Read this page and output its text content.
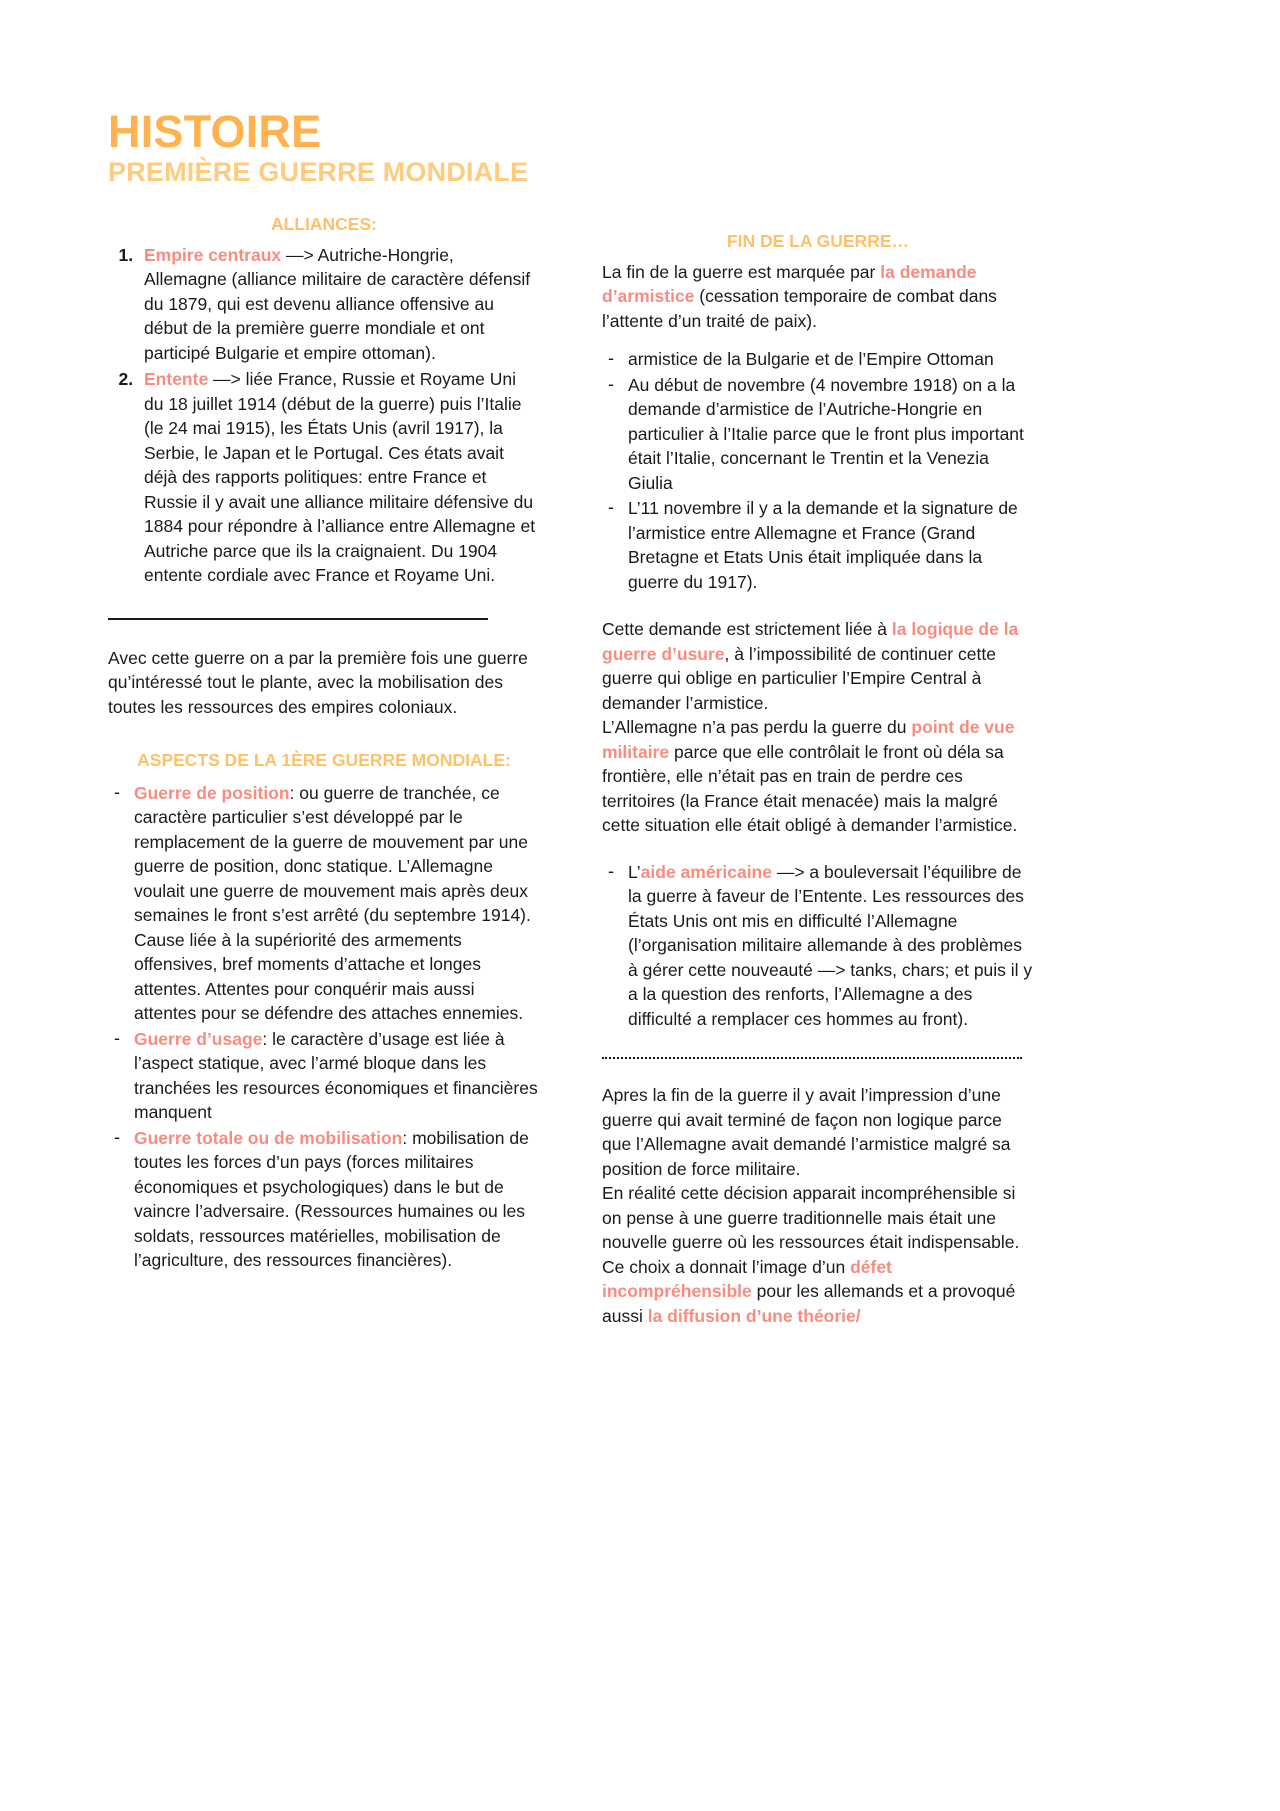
HISTOIRE
PREMIÈRE GUERRE MONDIALE
ALLIANCES:
1. Empire centraux —> Autriche-Hongrie, Allemagne (alliance militaire de caractère défensif du 1879, qui est devenu alliance offensive au début de la première guerre mondiale et ont participé Bulgarie et empire ottoman).
2. Entente —> liée France, Russie et Royame Uni du 18 juillet 1914 (début de la guerre) puis l’Italie (le 24 mai 1915), les États Unis (avril 1917), la Serbie, le Japan et le Portugal. Ces états avait déjà des rapports politiques: entre France et Russie il y avait une alliance militaire défensive du 1884 pour répondre à l’alliance entre Allemagne et Autriche parce que ils la craignaient. Du 1904 entente cordiale avec France et Royame Uni.

Avec cette guerre on a par la première fois une guerre qu’intéressé tout le plante, avec la mobilisation des toutes les ressources des empires coloniaux.

ASPECTS DE LA 1ÈRE GUERRE MONDIALE:
- Guerre de position: ou guerre de tranchée, ce caractère particulier s’est développé par le remplacement de la guerre de mouvement par une guerre de position, donc statique. L’Allemagne voulait une guerre de mouvement mais après deux semaines le front s’est arrêté (du septembre 1914). Cause liée à la supériorité des armements offensives, bref moments d’attache et longes attentes. Attentes pour conquérir mais aussi attentes pour se défendre des attaches ennemies.
- Guerre d’usage: le caractère d’usage est liée à l’aspect statique, avec l’armé bloque dans les tranchées les resources économiques et financières manquent
- Guerre totale ou de mobilisation: mobilisation de toutes les forces d’un pays (forces militaires économiques et psychologiques) dans le but de vaincre l’adversaire. (Ressources humaines ou les soldats, ressources matérielles, mobilisation de l’agriculture, des ressources financières).
FIN DE LA GUERRE…

La fin de la guerre est marquée par la demande d’armistice (cessation temporaire de combat dans l’attente d’un traité de paix).

- armistice de la Bulgarie et de l’Empire Ottoman
- Au début de novembre (4 novembre 1918) on a la demande d’armistice de l’Autriche-Hongrie en particulier à l’Italie parce que le front plus important était l’Italie, concernant le Trentin et la Venezia Giulia
- L’11 novembre il y a la demande et la signature de l’armistice entre Allemagne et France (Grand Bretagne et Etats Unis était impliquée dans la guerre du 1917).

Cette demande est strictement liée à la logique de la guerre d’usure, à l’impossibilité de continuer cette guerre qui oblige en particulier l’Empire Central à demander l’armistice.

L’Allemagne n’a pas perdu la guerre du point de vue militaire parce que elle contrôlait le front où déla sa frontière, elle n’était pas en train de perdre ces territoires (la France était menacée) mais la malgré cette situation elle était obligé à demander l’armistice.

- L’aide américaine —> a bouleversait l’équilibre de la guerre à faveur de l’Entente. Les ressources des États Unis ont mis en difficulté l’Allemagne (l’organisation militaire allemande à des problèmes à gérer cette nouveauté —> tanks, chars; et puis il y a la question des renforts, l’Allemagne a des difficulté a remplacer ces hommes au front).

Apres la fin de la guerre il y avait l’impression d’une guerre qui avait terminé de façon non logique parce que l’Allemagne avait demandé l’armistice malgré sa position de force militaire.

En réalité cette décision apparait incompréhensible si on pense à une guerre traditionnelle mais était une nouvelle guerre où les ressources était indispensable.

Ce choix a donnait l’image d’un défet incompréhensible pour les allemands et a provoqué aussi la diffusion d’une théorie/
